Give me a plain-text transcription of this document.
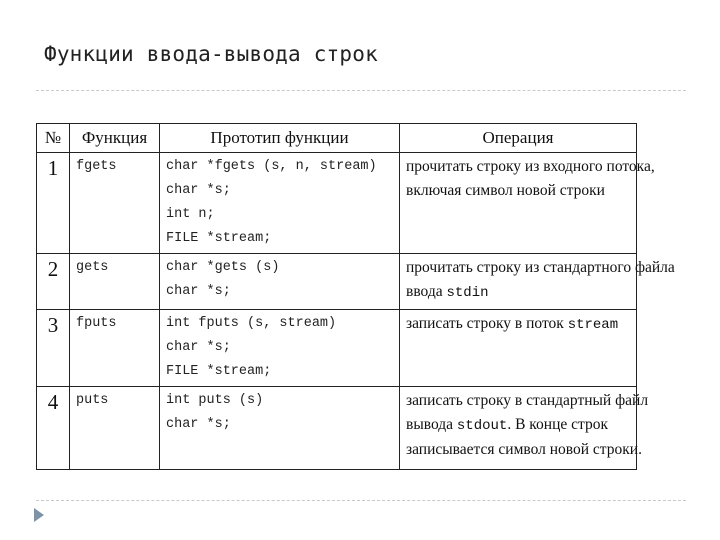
Функции ввода-вывода строк
№	Функция	Прототип функции	Операция
1	fgets	char *fgets (s, n, stream)
char *s;
int n;
FILE *stream;	прочитать строку из входного потока,
включая символ новой строки

2	gets	char *gets (s)
char *s;	прочитать строку из стандартного файла
ввода stdin

3	fputs	int fputs (s, stream)
char *s;
FILE *stream;	записать строку в поток stream

4	puts	int puts (s)
char *s;	записать строку в стандартный файл
вывода stdout. В конце строк
записывается символ новой строки.
